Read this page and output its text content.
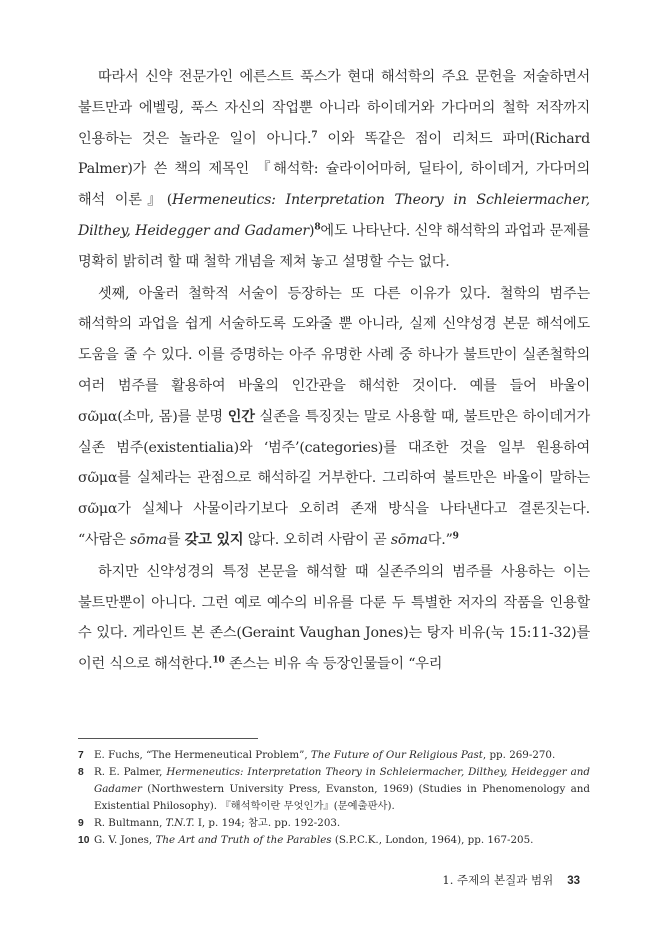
따라서 신약 전문가인 에른스트 푹스가 현대 해석학의 주요 문헌을 저술하면서 불트만과 에벨링, 푹스 자신의 작업뿐 아니라 하이데거와 가다머의 철학 저작까지 인용하는 것은 놀라운 일이 아니다.$^7$ 이와 똑같은 점이 리처드 파머(Richard Palmer)가 쓴 책의 제목인 『해석학: 슐라이어마허, 딜타이, 하이데거, 가다머의 해석 이론』(Hermeneutics: Interpretation Theory in Schleiermacher, Dilthey, Heidegger and Gadamer)$^8$에도 나타난다. 신약 해석학의 과업과 문제를 명확히 밝히려 할 때 철학 개념을 제쳐 놓고 설명할 수는 없다.

셋째, 아울러 철학적 서술이 등장하는 또 다른 이유가 있다. 철학의 범주는 해석학의 과업을 쉽게 서술하도록 도와줄 뿐 아니라, 실제 신약성경 본문 해석에도 도움을 줄 수 있다. 이를 증명하는 아주 유명한 사례 중 하나가 불트만이 실존철학의 여러 범주를 활용하여 바울의 인간관을 해석한 것이다. 예를 들어 바울이 σῶμα(소마, 몸)를 분명 인간 실존을 특징짓는 말로 사용할 때, 불트만은 하이데거가 실존 범주(existentialia)와 ‘범주’(categories)를 대조한 것을 일부 원용하여 σῶμα를 실체라는 관점으로 해석하길 거부한다. 그리하여 불트만은 바울이 말하는 σῶμα가 실체나 사물이라기보다 오히려 존재 방식을 나타낸다고 결론짓는다. “사람은 sōma를 갖고 있지 않다. 오히려 사람이 곧 sōma다.”$^9$

하지만 신약성경의 특정 본문을 해석할 때 실존주의의 범주를 사용하는 이는 불트만뿐이 아니다. 그런 예로 예수의 비유를 다룬 두 특별한 저자의 작품을 인용할 수 있다. 게라인트 본 존스(Geraint Vaughan Jones)는 탕자 비유(눅 15:11-32)를 이런 식으로 해석한다.$^{10}$ 존스는 비유 속 등장인물들이 “우리

7 E. Fuchs, “The Hermeneutical Problem”, The Future of Our Religious Past, pp. 269-270.
8 R. E. Palmer, Hermeneutics: Interpretation Theory in Schleiermacher, Dilthey, Heidegger and Gadamer (Northwestern University Press, Evanston, 1969) (Studies in Phenomenology and Existential Philosophy). 『해석학이란 무엇인가』(문예출판사).
9 R. Bultmann, T.N.T. I, p. 194; 참고. pp. 192-203.
10 G. V. Jones, The Art and Truth of the Parables (S.P.C.K., London, 1964), pp. 167-205.
1. 주제의 본질과 범위 33
